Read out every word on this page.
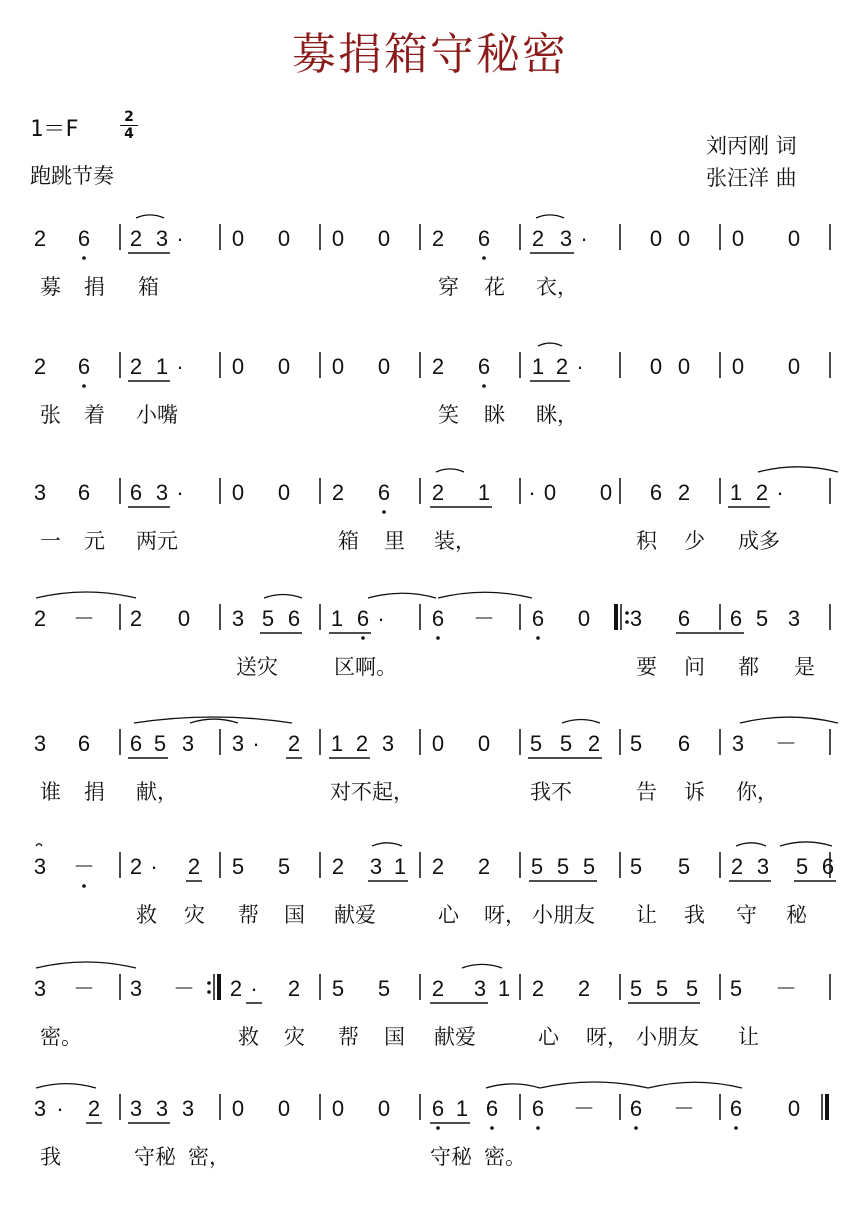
募捐箱守秘密
1＝F	2
4
跑跳节奏
刘丙刚 词
张汪洋 曲
2 6 2 3 · 0 0 0 0 2 6 2 3 ·	0 0 0 0
募 捐 箱	穿 花 衣，
2 6 2 1 · 0 0 0 0 2 6 1 2 ·	0 0 0 0
张 着 小嘴	笑 眯 眯，
3 6 6 3 · 0 0 2 6 2 1 · 0 0 6 2 1 2 ·
一 元 两元	箱 里 装，	积 少 成多
2 － 2 0 3 5 6 1 6 · 6 － 6 0 3 6 6 5 3
送灾	区啊。	要 问 都 是
3 6 6 5 3 3 · 2 1 2 3 0 0 5 5 2 5 6 3 －
谁 捐 献，	对不起，	我不	告 诉 你，
3 － 2 · 2 5 5 2 3 1 2 2 5 5 5 5 5 2 3 5 6
救 灾 帮 国 献爱	心 呀， 小朋友 让 我 守 秘
3 － 3 － 2 · 2 5 5 2 3 1 2 2 5 5 5 5 －
密。	救 灾 帮 国 献爱	心 呀， 小朋友 让
3 · 2 3 3 3 0 0 0 0 6 1 6 6 － 6 － 6 0
我	守秘 密，	守秘 密。
